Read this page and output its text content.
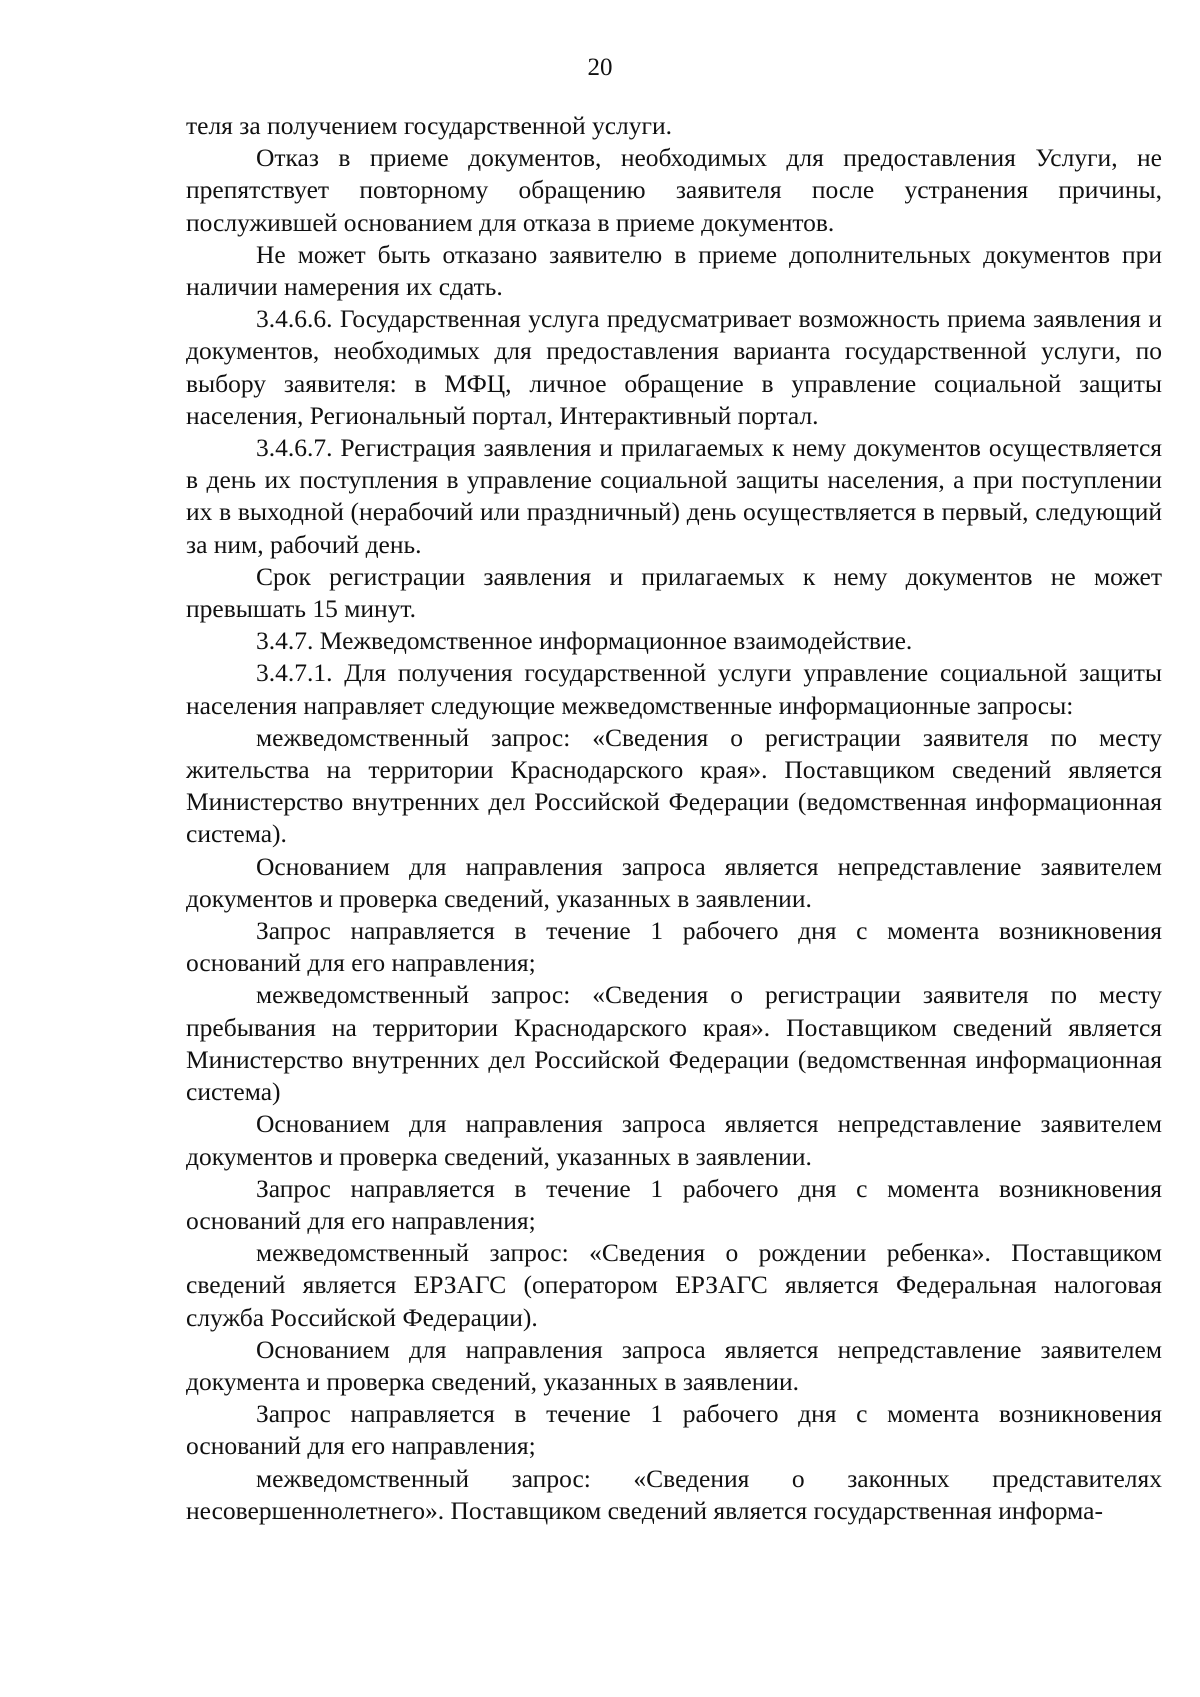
20

теля за получением государственной услуги.

Отказ в приеме документов, необходимых для предоставления Услуги, не препятствует повторному обращению заявителя после устранения причины, послужившей основанием для отказа в приеме документов.

Не может быть отказано заявителю в приеме дополнительных документов при наличии намерения их сдать.

3.4.6.6. Государственная услуга предусматривает возможность приема заявления и документов, необходимых для предоставления варианта государственной услуги, по выбору заявителя: в МФЦ, личное обращение в управление социальной защиты населения, Региональный портал, Интерактивный портал.

3.4.6.7. Регистрация заявления и прилагаемых к нему документов осуществляется в день их поступления в управление социальной защиты населения, а при поступлении их в выходной (нерабочий или праздничный) день осуществляется в первый, следующий за ним, рабочий день.

Срок регистрации заявления и прилагаемых к нему документов не может превышать 15 минут.

3.4.7. Межведомственное информационное взаимодействие.

3.4.7.1. Для получения государственной услуги управление социальной защиты населения направляет следующие межведомственные информационные запросы:

межведомственный запрос: «Сведения о регистрации заявителя по месту жительства на территории Краснодарского края». Поставщиком сведений является Министерство внутренних дел Российской Федерации (ведомственная информационная система).

Основанием для направления запроса является непредставление заявителем документов и проверка сведений, указанных в заявлении.

Запрос направляется в течение 1 рабочего дня с момента возникновения оснований для его направления;

межведомственный запрос: «Сведения о регистрации заявителя по месту пребывания на территории Краснодарского края». Поставщиком сведений является Министерство внутренних дел Российской Федерации (ведомственная информационная система)

Основанием для направления запроса является непредставление заявителем документов и проверка сведений, указанных в заявлении.

Запрос направляется в течение 1 рабочего дня с момента возникновения оснований для его направления;

межведомственный запрос: «Сведения о рождении ребенка». Поставщиком сведений является ЕРЗАГС (оператором ЕРЗАГС является Федеральная налоговая служба Российской Федерации).

Основанием для направления запроса является непредставление заявителем документа и проверка сведений, указанных в заявлении.

Запрос направляется в течение 1 рабочего дня с момента возникновения оснований для его направления;

межведомственный запрос: «Сведения о законных представителях несовершеннолетнего». Поставщиком сведений является государственная информа-
